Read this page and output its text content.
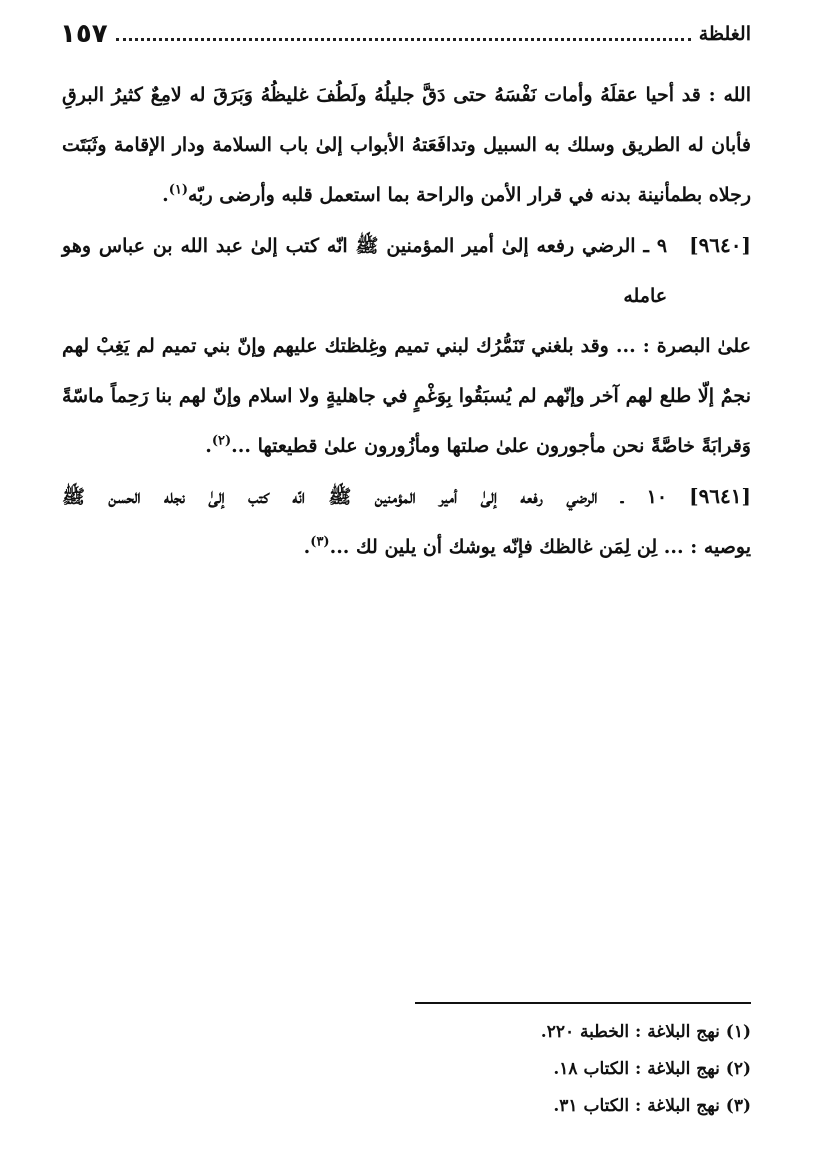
الغلظة
١٥٧

الله : قد أحيا عقلَهُ وأمات نَفْسَهُ حتى دَقَّ جليلُهُ ولَطُفَ غليظُهُ وَبَرَقَ له لامِعٌ كثيرُ البرقِ فأبان له الطريق وسلك به السبيل وتدافَعَتهُ الأبواب إلىٰ باب السلامة ودار الإقامة وثَبَتَت رجلاه بطمأنينة بدنه في قرار الأمن والراحة بما استعمل قلبه وأرضى ربّه$^{(١)}$.

[٩٦٤٠]
٩ ـ الرضي رفعه إلىٰ أمير المؤمنين ﷺ انّه كتب إلىٰ عبد الله بن عباس وهو عامله

علىٰ البصرة : ... وقد بلغني تَنَمُّرُك لبني تميم وغِلظتك عليهم وإنّ بني تميم لم يَغِبْ لهم نجمٌ إلّا طلع لهم آخر وإنّهم لم يُسبَقُوا بِوَغْمٍ في جاهليةٍ ولا اسلام وإنّ لهم بنا رَحِماً ماسّةً وَقرابَةً خاصَّةً نحن مأجورون علىٰ صلتها ومأزُورون علىٰ قطيعتها ...$^{(٢)}$.

[٩٦٤١]
١٠ ـ الرضي رفعه إلىٰ أمير المؤمنين ﷺ انّه كتب إلىٰ نجله الحسن ﷺ

يوصيه : ... لِن لِمَن غالظك فإنّه يوشك أن يلين لك ...$^{(٣)}$.

(١) نهج البلاغة : الخطبة ٢٢٠.

(٢) نهج البلاغة : الكتاب ١٨.

(٣) نهج البلاغة : الكتاب ٣١.
